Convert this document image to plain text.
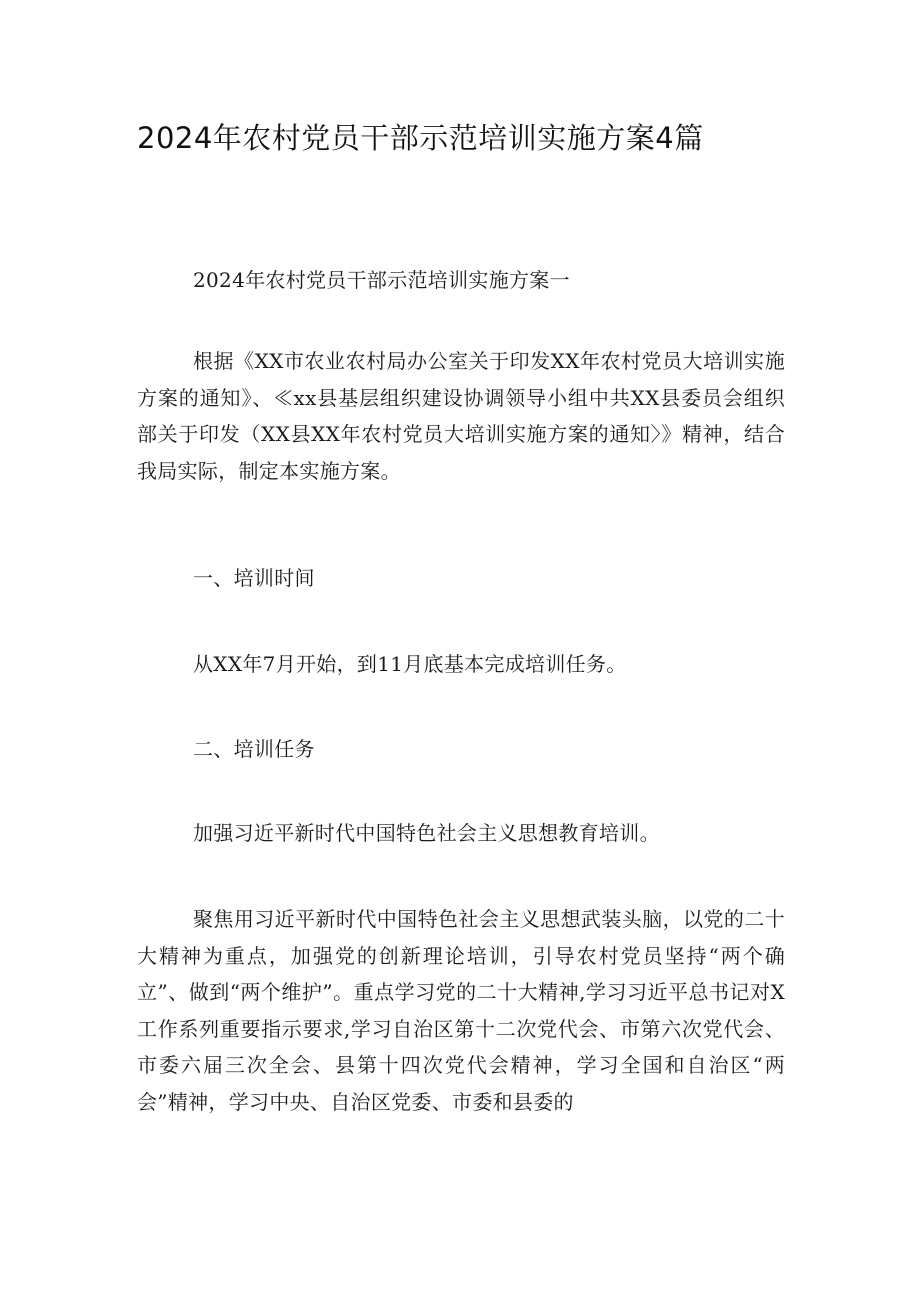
2024年农村党员干部示范培训实施方案4篇

2024年农村党员干部示范培训实施方案一

根据《XX市农业农村局办公室关于印发XX年农村党员大培训实施方案的通知》、≪xx县基层组织建设协调领导小组中共XX县委员会组织部关于印发（XX县XX年农村党员大培训实施方案的通知〉》精神，结合我局实际，制定本实施方案。

一、培训时间

从XX年7月开始，到11月底基本完成培训任务。

二、培训任务

加强习近平新时代中国特色社会主义思想教育培训。

聚焦用习近平新时代中国特色社会主义思想武装头脑，以党的二十大精神为重点，加强党的创新理论培训，引导农村党员坚持“两个确立”、做到“两个维护”。重点学习党的二十大精神,学习习近平总书记对X工作系列重要指示要求,学习自治区第十二次党代会、市第六次党代会、市委六届三次全会、县第十四次党代会精神，学习全国和自治区“两会”精神，学习中央、自治区党委、市委和县委的
